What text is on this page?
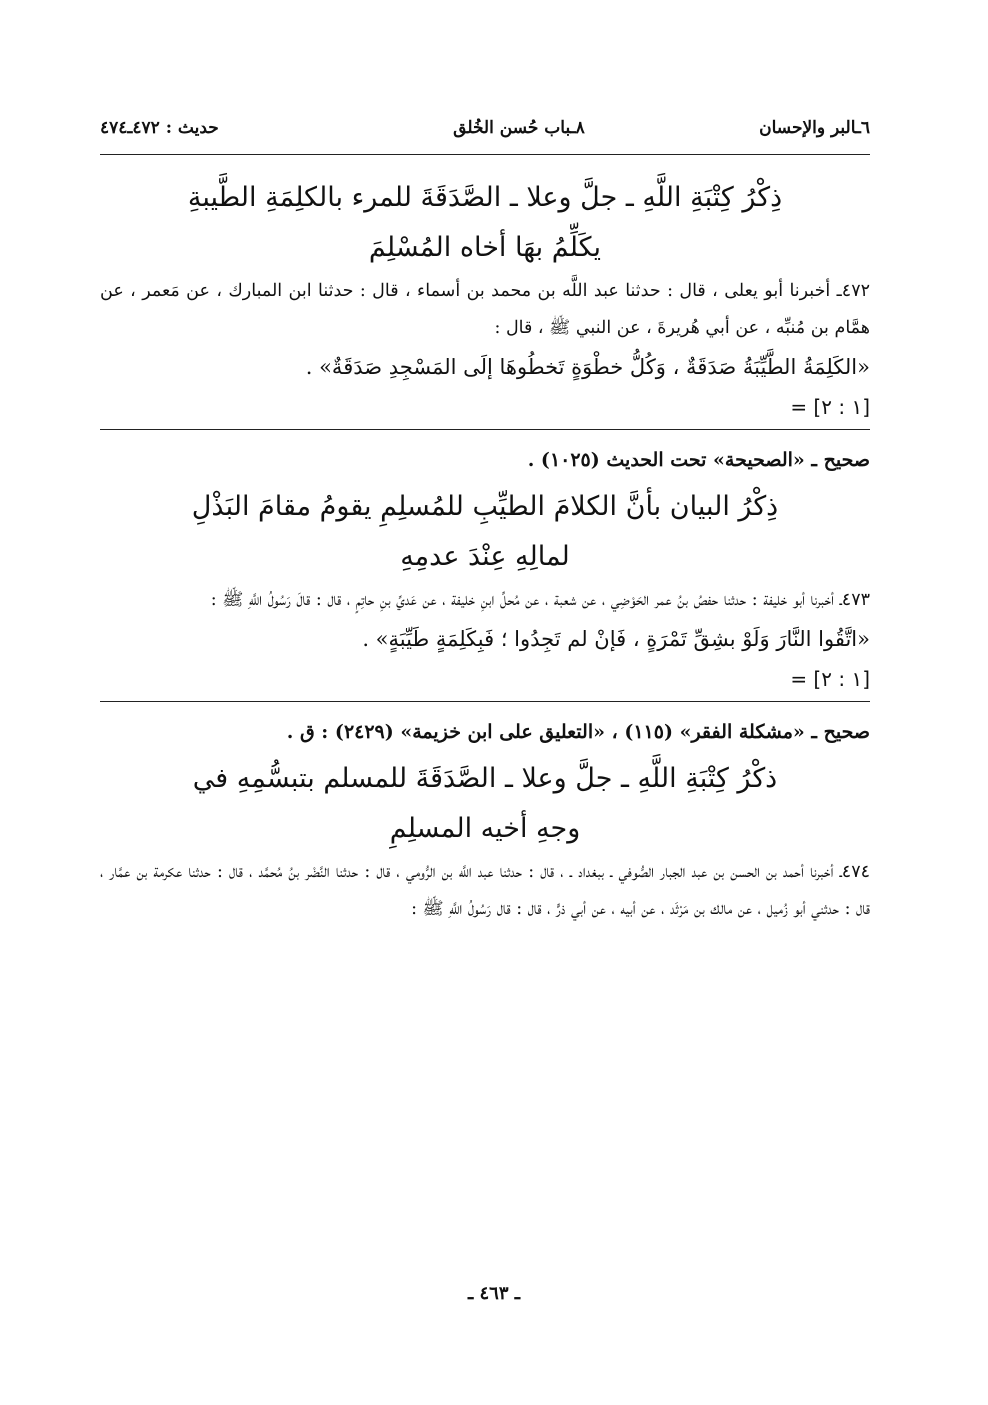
٦ـالبر والإحسان
٨ـباب حُسن الخُلق
حديث : ٤٧٢ـ٤٧٤

ذِكْرُ كِتْبَةِ اللَّهِ ـ جلَّ وعلا ـ الصَّدَقَةَ للمرء بالكلِمَةِ الطَّيبةِ

يكَلِّمُ بهَا أخاه المُسْلِمَ

٤٧٢ـ أخبرنا أبو يعلى ، قال : حدثنا عبد اللَّه بن محمد بن أسماء ، قال : حدثنا ابن المبارك ، عن مَعمر ، عن همَّام بن مُنبِّه ، عن أبي هُريرةَ ، عن النبي ﷺ ، قال :

«الكَلِمَةُ الطَّيِّبَةُ صَدَقَةٌ ، وَكُلُّ خطْوَةٍ تَخطُوهَا إلَى المَسْجِدِ صَدَقَةٌ» .

= [١ : ٢]

صحيح ـ «الصحيحة» تحت الحديث (١٠٢٥) .

ذِكْرُ البيان بأنَّ الكلامَ الطيِّبِ للمُسلِمِ يقومُ مقامَ البَذْلِ

لمالِهِ عِنْدَ عدمِهِ

٤٧٣ـ أخبرنا أبو خليفة : حدثنا حفصُ بنُ عمر الحَوْضِي ، عن شعبة ، عن مُحلِّ ابنِ خليفة ، عن عَديِّ بنِ حاتِمٍ ، قال : قالَ رَسُولُ اللَّهِ ﷺ :

«اتَّقُوا النَّارَ وَلَوْ بشِقِّ تَمْرَةٍ ، فَإنْ لم تَجِدُوا ؛ فَبِكَلِمَةٍ طَيِّبَةٍ» .

= [١ : ٢]

صحيح ـ «مشكلة الفقر» (١١٥) ، «التعليق على ابن خزيمة» (٢٤٢٩) : ق .

ذكْرُ كِتْبَةِ اللَّهِ ـ جلَّ وعلا ـ الصَّدَقَةَ للمسلم بتبسُّمِهِ في

وجهِ أخيه المسلِمِ

٤٧٤ـ أخبرنا أحمد بن الحسن بن عبد الجبار الصُّوفي ـ ببغداد ـ ، قال : حدثنا عبد اللَّه بن الرُّومي ، قال : حدثنا النَّضْر بنُ مُحمَّد ، قال : حدثنا عكرمة بن عمَّار ، قال : حدثني أبو زُميل ، عن مالك بن مَرْثَد ، عن أبيه ، عن أبي ذرٍّ ، قال : قال رَسُولُ اللَّهِ ﷺ :

ـ ٤٦٣ ـ
